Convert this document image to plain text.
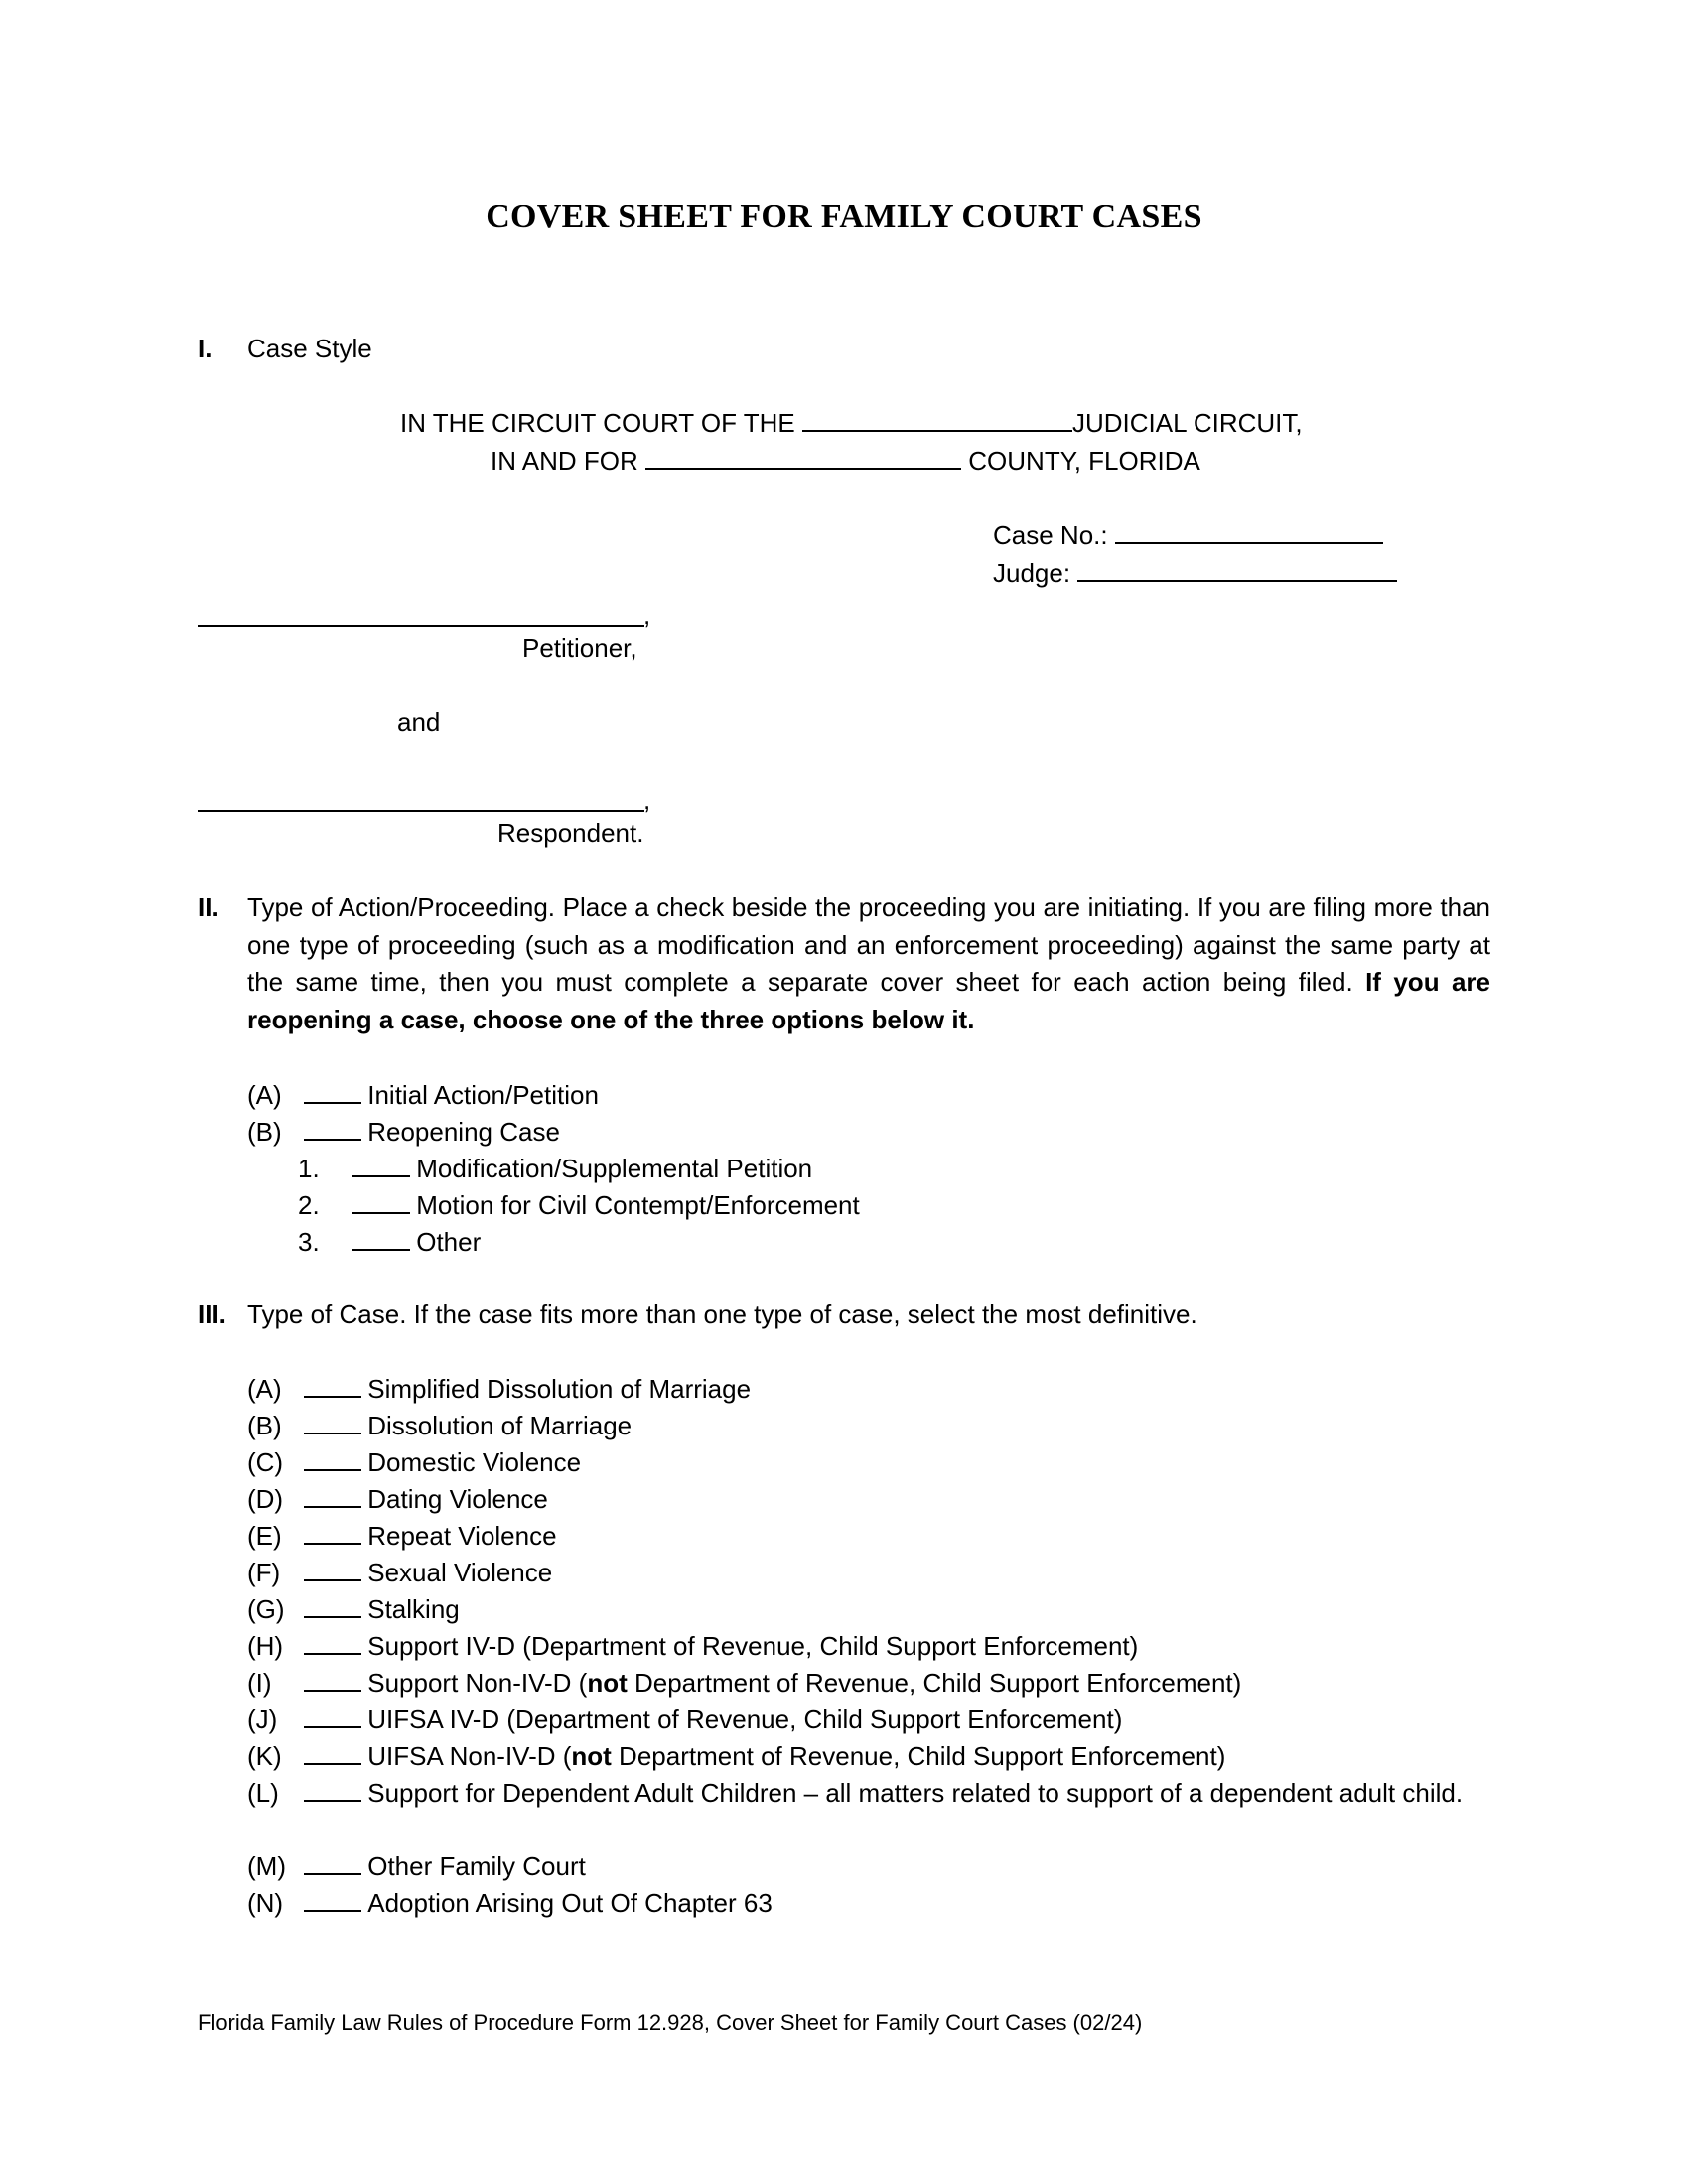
COVER SHEET FOR FAMILY COURT CASES
I. Case Style
IN THE CIRCUIT COURT OF THE	JUDICIAL CIRCUIT,
IN AND FOR	COUNTY, FLORIDA
Case No.:
Judge:
,
Petitioner,
and
,
Respondent.
II. Type of Action/Proceeding. Place a check beside the proceeding you are initiating. If you are filing more than one type of proceeding (such as a modification and an enforcement proceeding) against the same party at the same time, then you must complete a separate cover sheet for each action being filed. If you are reopening a case, choose one of the three options below it.
(A)	Initial Action/Petition
(B)	Reopening Case
1.	Modification/Supplemental Petition
2.	Motion for Civil Contempt/Enforcement
3.	Other
III. Type of Case. If the case fits more than one type of case, select the most definitive.
(A)	Simplified Dissolution of Marriage
(B)	Dissolution of Marriage
(C)	Domestic Violence
(D)	Dating Violence
(E)	Repeat Violence
(F)	Sexual Violence
(G)	Stalking
(H)	Support IV-D (Department of Revenue, Child Support Enforcement)
(I)	Support Non-IV-D (not Department of Revenue, Child Support Enforcement)
(J)	UIFSA IV-D (Department of Revenue, Child Support Enforcement)
(K)	UIFSA Non-IV-D (not Department of Revenue, Child Support Enforcement)
(L)	Support for Dependent Adult Children – all matters related to support of a dependent adult child.
(M)	Other Family Court
(N)	Adoption Arising Out Of Chapter 63
Florida Family Law Rules of Procedure Form 12.928, Cover Sheet for Family Court Cases (02/24)
